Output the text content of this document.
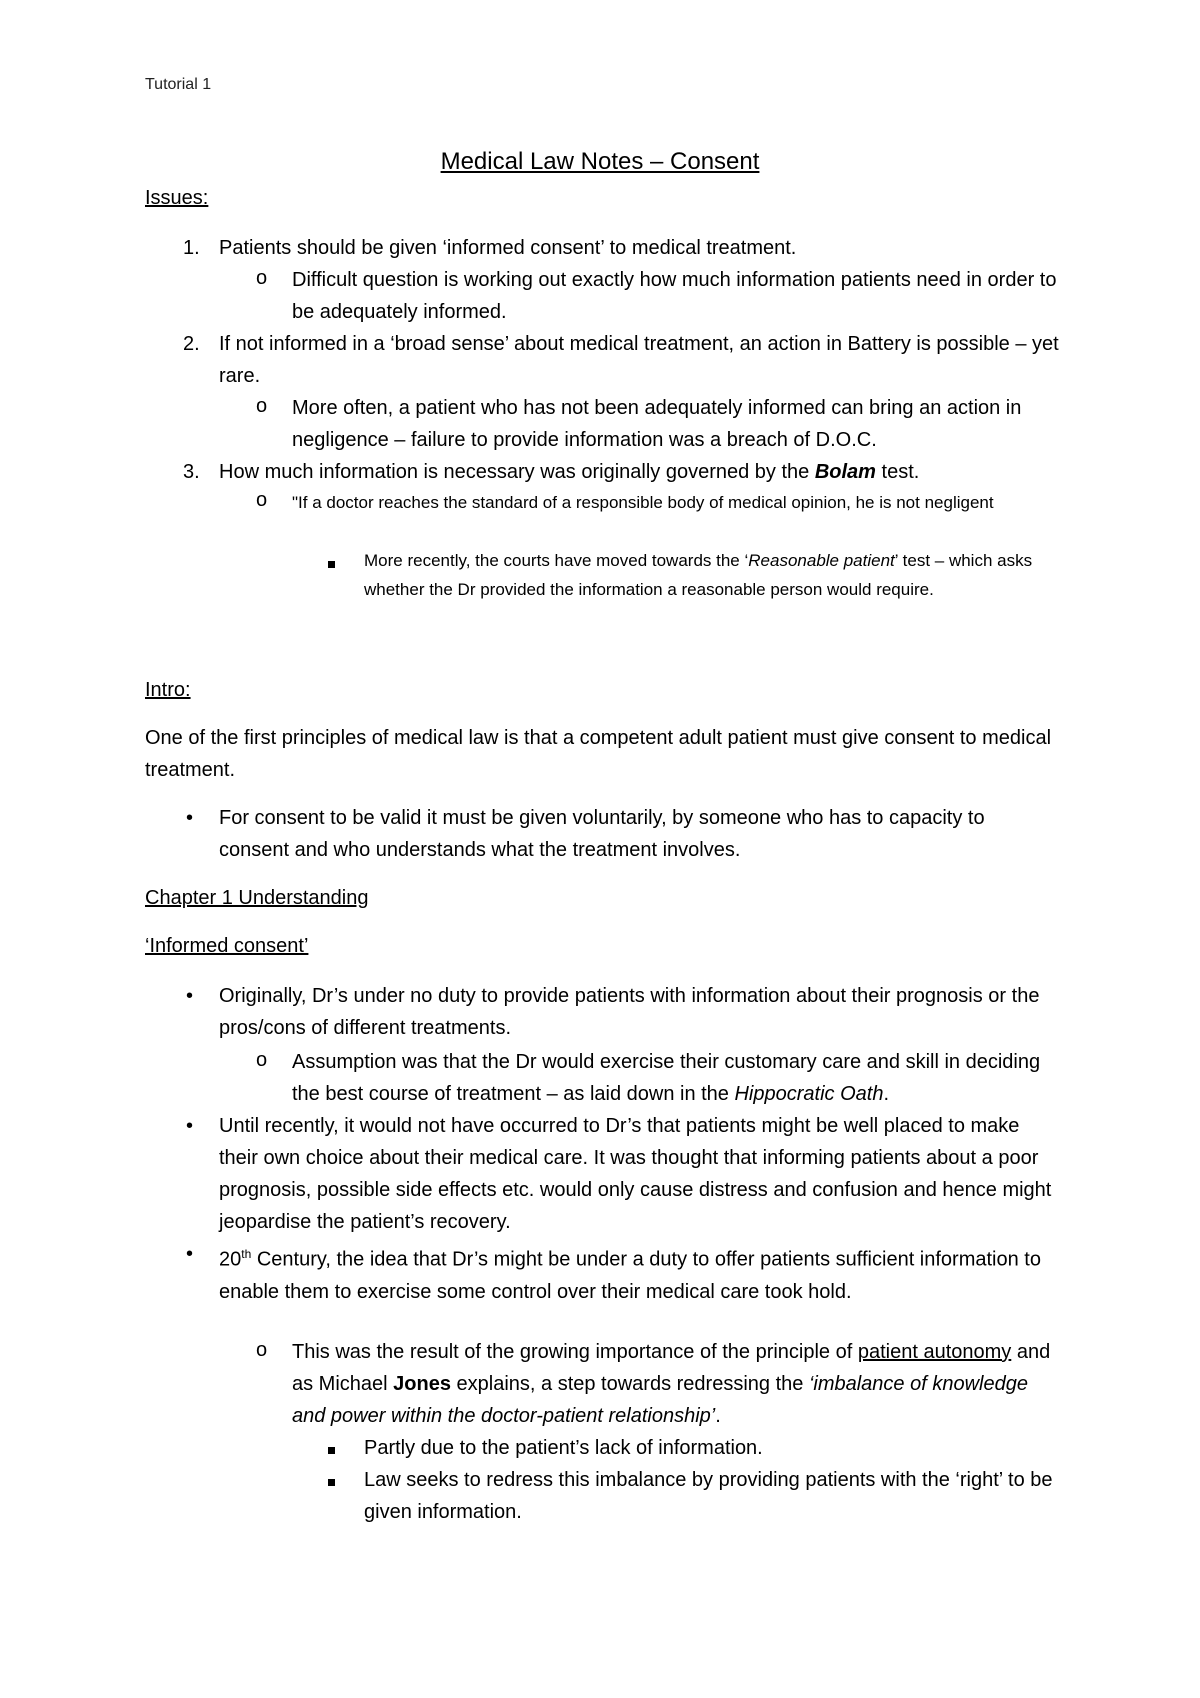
Tutorial 1
Medical Law Notes – Consent
Issues:
1. Patients should be given ‘informed consent’ to medical treatment.
o Difficult question is working out exactly how much information patients need in order to be adequately informed.
2. If not informed in a ‘broad sense’ about medical treatment, an action in Battery is possible – yet rare.
o More often, a patient who has not been adequately informed can bring an action in negligence – failure to provide information was a breach of D.O.C.
3. How much information is necessary was originally governed by the Bolam test.
o "If a doctor reaches the standard of a responsible body of medical opinion, he is not negligent
More recently, the courts have moved towards the ‘Reasonable patient’ test – which asks whether the Dr provided the information a reasonable person would require.
Intro:
One of the first principles of medical law is that a competent adult patient must give consent to medical treatment.
• For consent to be valid it must be given voluntarily, by someone who has to capacity to consent and who understands what the treatment involves.
Chapter 1 Understanding
‘Informed consent’
• Originally, Dr’s under no duty to provide patients with information about their prognosis or the pros/cons of different treatments.
o Assumption was that the Dr would exercise their customary care and skill in deciding the best course of treatment – as laid down in the Hippocratic Oath.
• Until recently, it would not have occurred to Dr’s that patients might be well placed to make their own choice about their medical care. It was thought that informing patients about a poor prognosis, possible side effects etc. would only cause distress and confusion and hence might jeopardise the patient’s recovery.
• 20th Century, the idea that Dr’s might be under a duty to offer patients sufficient information to enable them to exercise some control over their medical care took hold.
o This was the result of the growing importance of the principle of patient autonomy and as Michael Jones explains, a step towards redressing the ‘imbalance of knowledge and power within the doctor-patient relationship’.
Partly due to the patient’s lack of information.
Law seeks to redress this imbalance by providing patients with the ‘right’ to be given information.
